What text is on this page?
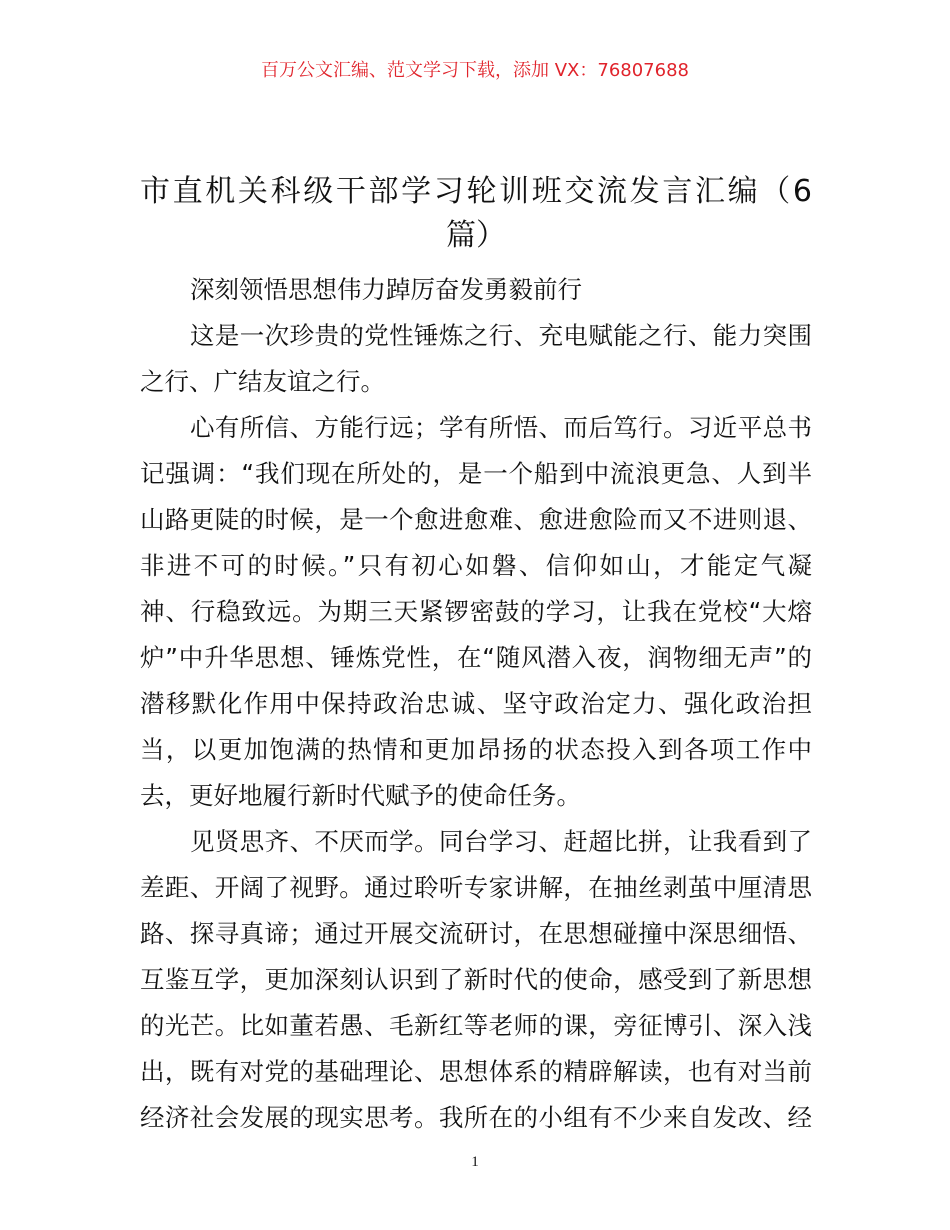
百万公文汇编、范文学习下载，添加 VX：76807688
市直机关科级干部学习轮训班交流发言汇编（6
篇）
深刻领悟思想伟力踔厉奋发勇毅前行
这是一次珍贵的党性锤炼之行、充电赋能之行、能力突围
之行、广结友谊之行。
心有所信、方能行远；学有所悟、而后笃行。习近平总书
记强调：“我们现在所处的，是一个船到中流浪更急、人到半
山路更陡的时候，是一个愈进愈难、愈进愈险而又不进则退、
非进不可的时候。”只有初心如磐、信仰如山，才能定气凝
神、行稳致远。为期三天紧锣密鼓的学习，让我在党校“大熔
炉”中升华思想、锤炼党性，在“随风潜入夜，润物细无声”的
潜移默化作用中保持政治忠诚、坚守政治定力、强化政治担
当，以更加饱满的热情和更加昂扬的状态投入到各项工作中
去，更好地履行新时代赋予的使命任务。
见贤思齐、不厌而学。同台学习、赶超比拼，让我看到了
差距、开阔了视野。通过聆听专家讲解，在抽丝剥茧中厘清思
路、探寻真谛；通过开展交流研讨，在思想碰撞中深思细悟、
互鉴互学，更加深刻认识到了新时代的使命，感受到了新思想
的光芒。比如董若愚、毛新红等老师的课，旁征博引、深入浅
出，既有对党的基础理论、思想体系的精辟解读，也有对当前
经济社会发展的现实思考。我所在的小组有不少来自发改、经
1
